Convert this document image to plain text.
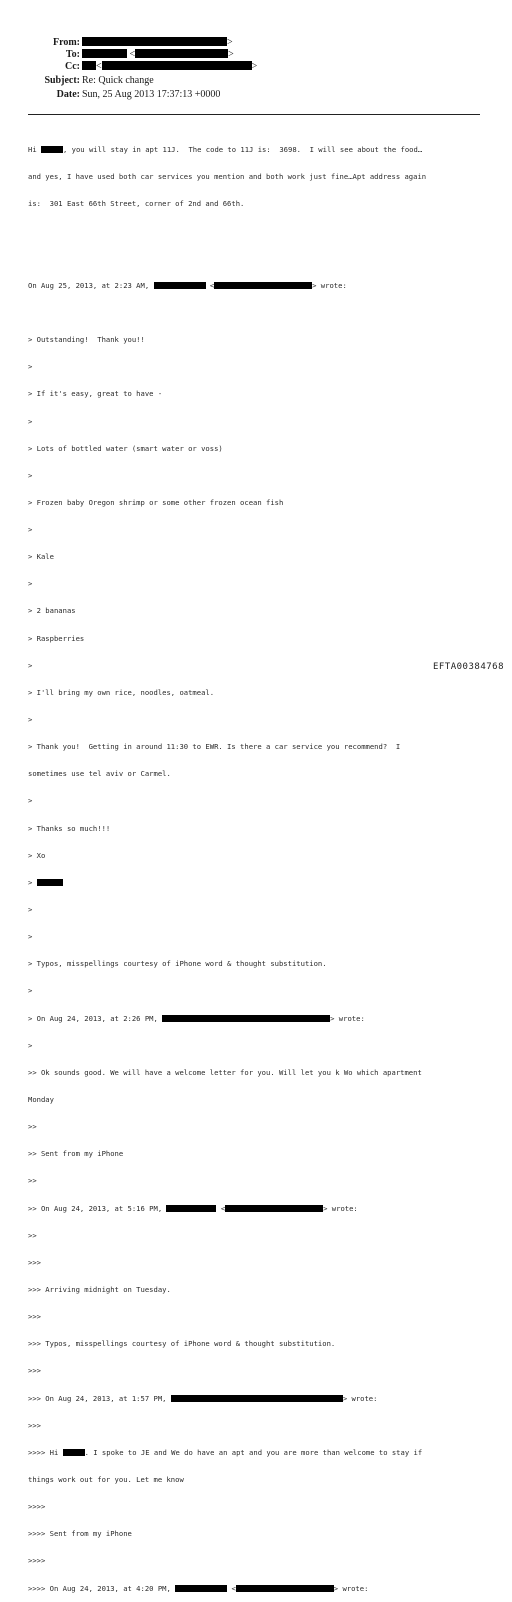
From:	>
To:	<	>
Cc:	<	>
Subject: Re: Quick change
Date: Sun, 25 Aug 2013 17:37:13 +0000

Hi	, you will stay in apt 11J.  The code to 11J is:  3698.  I will see about the food…

and yes, I have used both car services you mention and both work just fine…Apt address again

is:  301 East 66th Street, corner of 2nd and 66th.

On Aug 25, 2013, at 2:23 AM,	<	> wrote:

> Outstanding!  Thank you!!

>

> If it's easy, great to have -

>

> Lots of bottled water (smart water or voss)

>

> Frozen baby Oregon shrimp or some other frozen ocean fish

>

> Kale

>

> 2 bananas

> Raspberries

>

> I'll bring my own rice, noodles, oatmeal.

>

> Thank you!  Getting in around 11:30 to EWR. Is there a car service you recommend?  I

sometimes use tel aviv or Carmel.

>

> Thanks so much!!!

> Xo

>

>

>

> Typos, misspellings courtesy of iPhone word & thought substitution.

>

> On Aug 24, 2013, at 2:26 PM,	> wrote:

>

>> Ok sounds good. We will have a welcome letter for you. Will let you k Wo which apartment

Monday

>>

>> Sent from my iPhone

>>

>> On Aug 24, 2013, at 5:16 PM,	<	> wrote:

>>

>>>

>>> Arriving midnight on Tuesday.

>>>

>>> Typos, misspellings courtesy of iPhone word & thought substitution.

>>>

>>> On Aug 24, 2013, at 1:57 PM,	> wrote:

>>>

>>>> Hi	. I spoke to JE and We do have an apt and you are more than welcome to stay if

things work out for you. Let me know

>>>>

>>>> Sent from my iPhone

>>>>

>>>> On Aug 24, 2013, at 4:20 PM,	<	> wrote:

EFTA00384768
